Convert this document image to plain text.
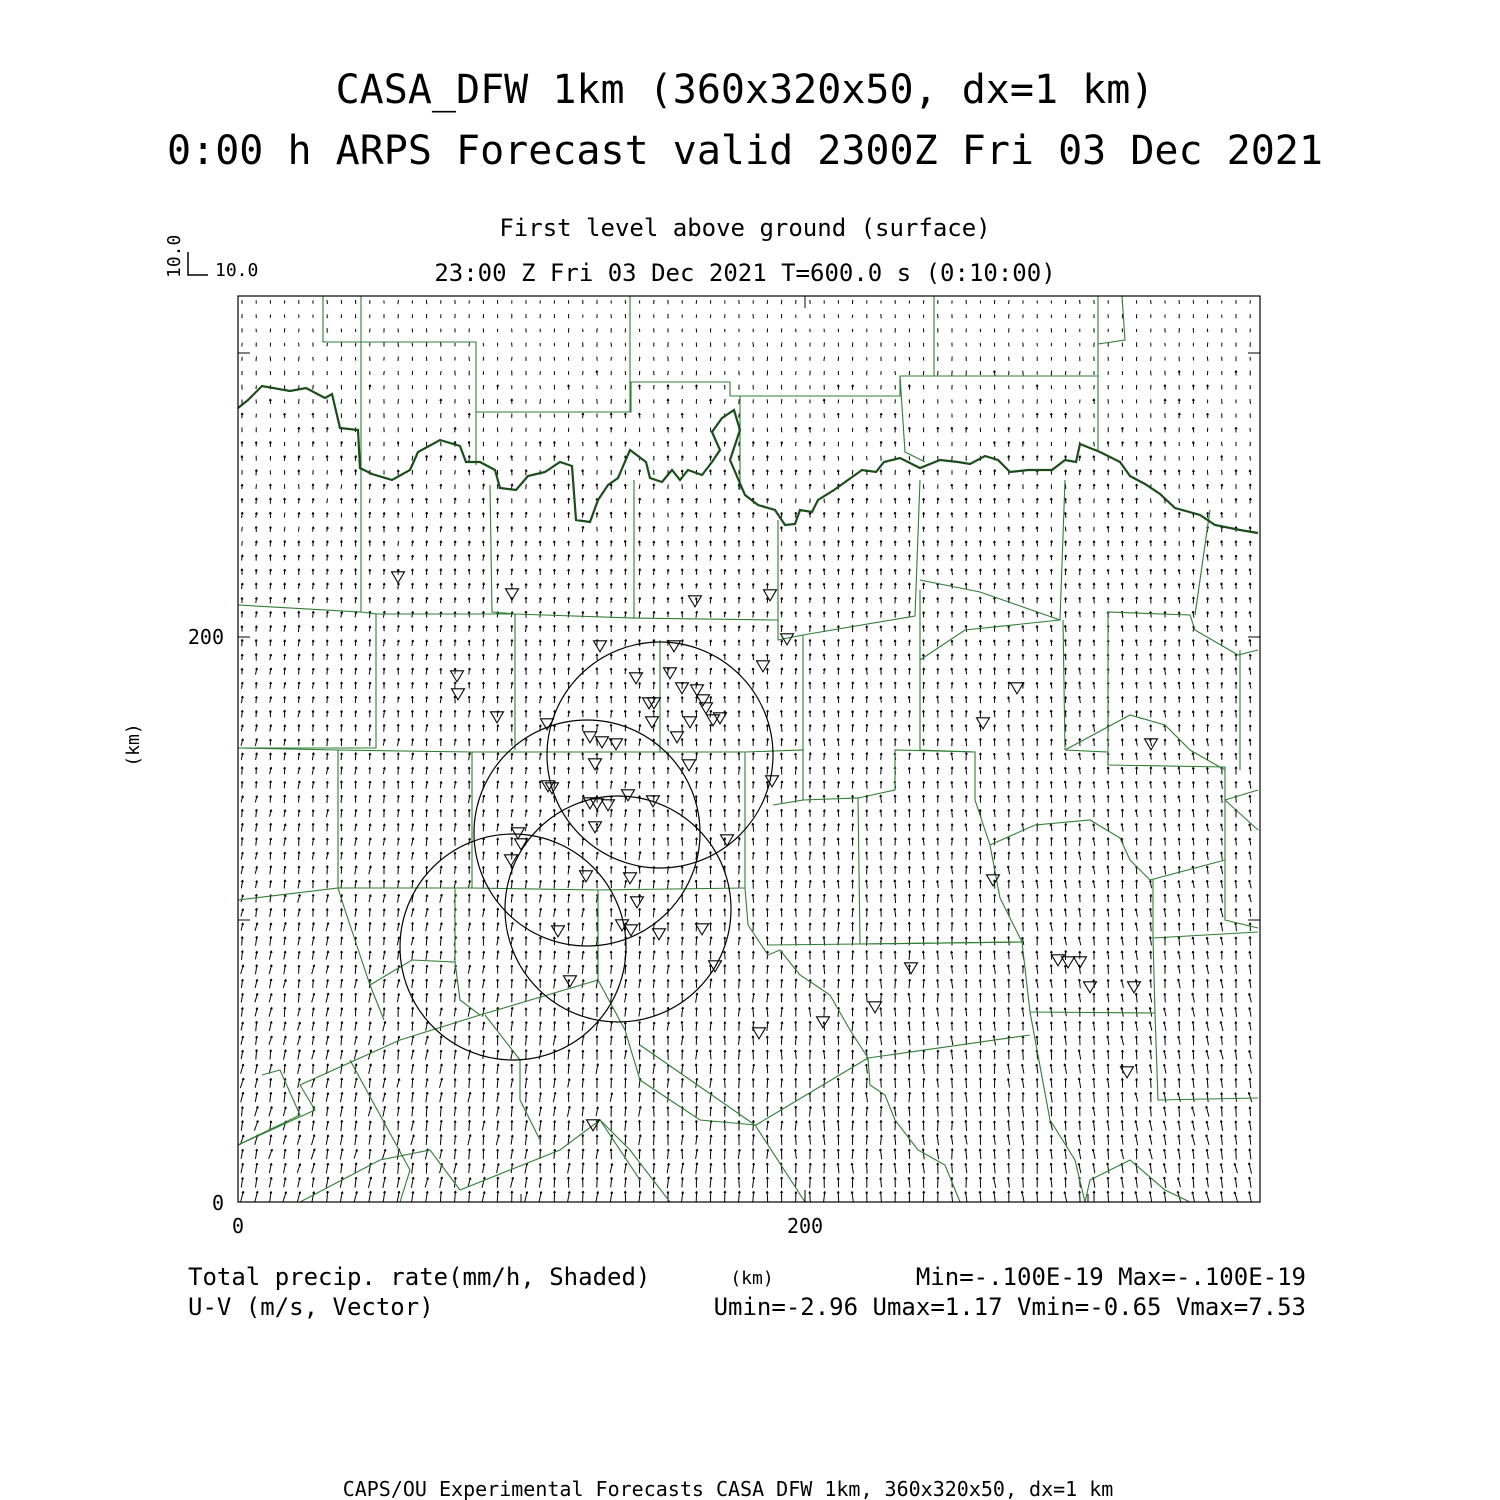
CASA_DFW 1km (360x320x50, dx=1 km)
0:00 h ARPS Forecast valid 2300Z Fri 03 Dec 2021
First level above ground (surface)
23:00 Z Fri 03 Dec 2021 T=600.0 s (0:10:00)
10.0
10.0
200
0
0	200
(km)
(km)
Total precip. rate(mm/h, Shaded)
U-V (m/s, Vector)
Min=-.100E-19 Max=-.100E-19
Umin=-2.96 Umax=1.17 Vmin=-0.65 Vmax=7.53
CAPS/OU Experimental Forecasts CASA_DFW 1km, 360x320x50, dx=1 km
